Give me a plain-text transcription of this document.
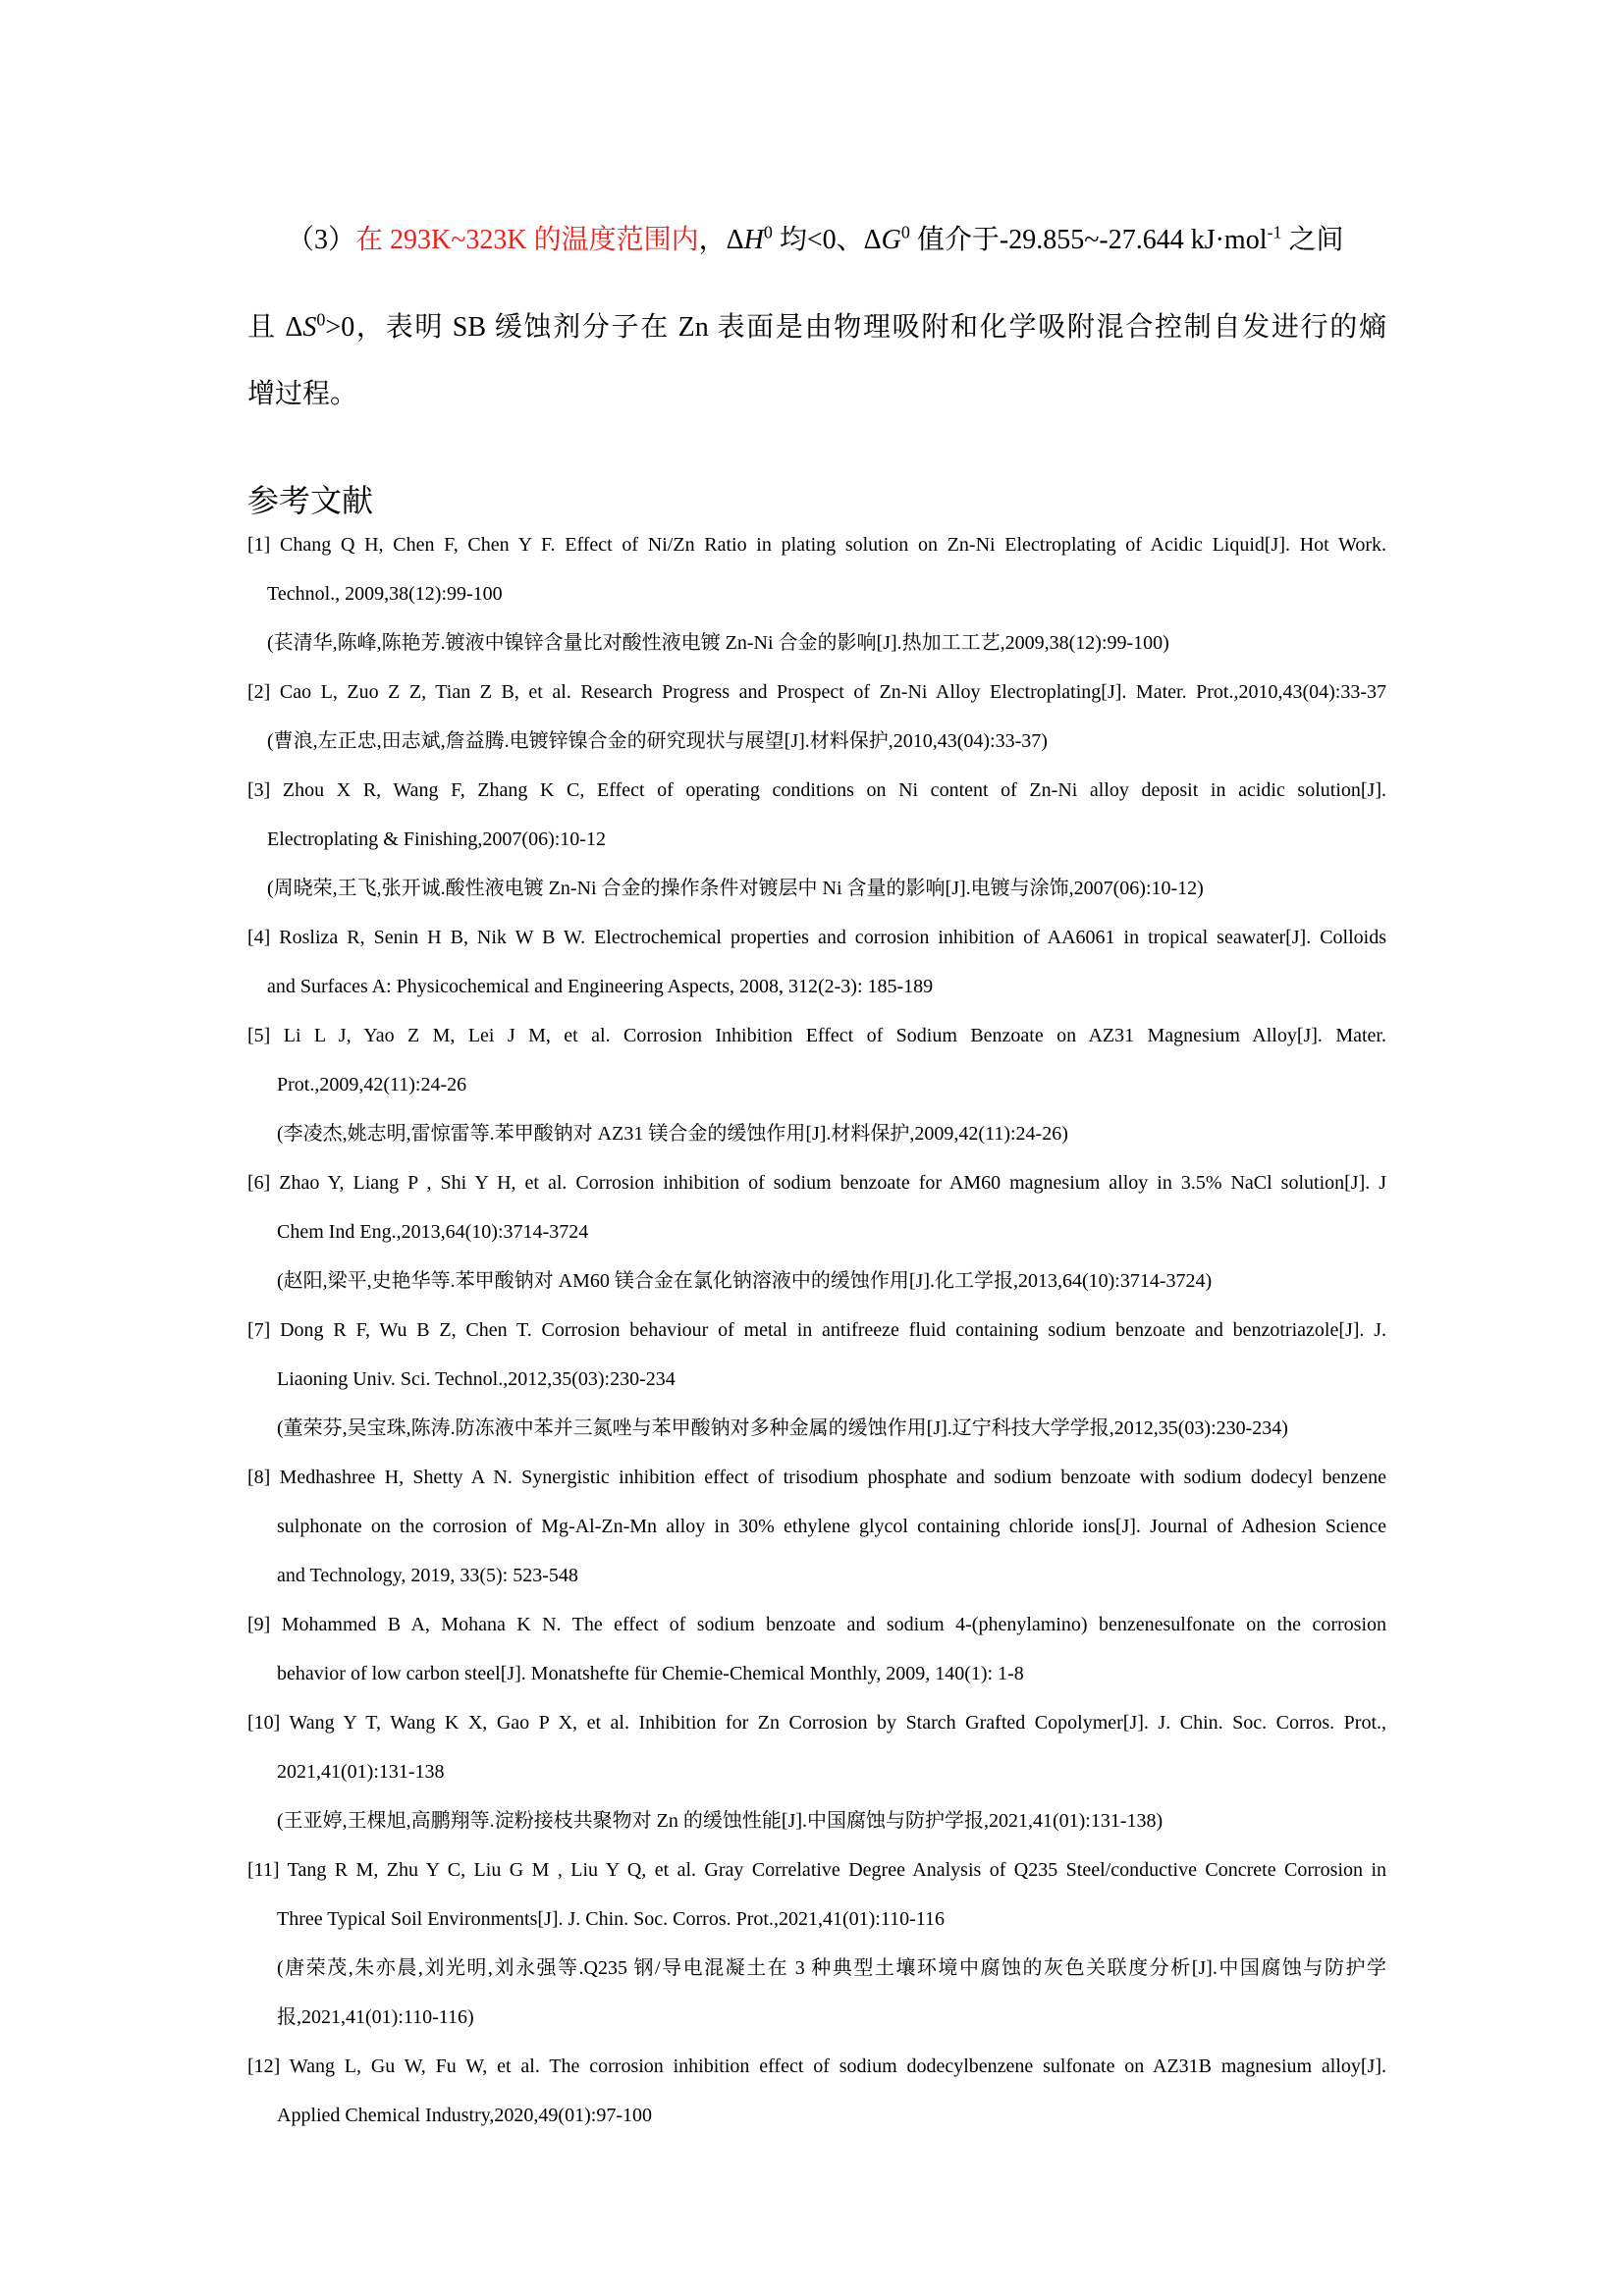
（3）在 293K~323K 的温度范围内，$\Delta H^0$ 均<0、$\Delta G^0$ 值介于-29.855~-27.644 kJ·mol$^{-1}$ 之间
且 $\Delta S^0>0$，表明 SB 缓蚀剂分子在 Zn 表面是由物理吸附和化学吸附混合控制自发进行的熵
增过程。
参考文献
[1] Chang Q H, Chen F, Chen Y F. Effect of Ni/Zn Ratio in plating solution on Zn-Ni Electroplating of Acidic Liquid[J]. Hot Work.
Technol., 2009,38(12):99-100
(苌清华,陈峰,陈艳芳.镀液中镍锌含量比对酸性液电镀 Zn-Ni 合金的影响[J].热加工工艺,2009,38(12):99-100)
[2] Cao L, Zuo Z Z, Tian Z B, et al. Research Progress and Prospect of Zn-Ni Alloy Electroplating[J]. Mater. Prot.,2010,43(04):33-37
(曹浪,左正忠,田志斌,詹益腾.电镀锌镍合金的研究现状与展望[J].材料保护,2010,43(04):33-37)
[3] Zhou X R, Wang F, Zhang K C, Effect of operating conditions on Ni content of Zn-Ni alloy deposit in acidic solution[J].
Electroplating & Finishing,2007(06):10-12
(周晓荣,王飞,张开诚.酸性液电镀 Zn-Ni 合金的操作条件对镀层中 Ni 含量的影响[J].电镀与涂饰,2007(06):10-12)
[4] Rosliza R, Senin H B, Nik W B W. Electrochemical properties and corrosion inhibition of AA6061 in tropical seawater[J]. Colloids
and Surfaces A: Physicochemical and Engineering Aspects, 2008, 312(2-3): 185-189
[5] Li L J, Yao Z M, Lei J M, et al. Corrosion Inhibition Effect of Sodium Benzoate on AZ31 Magnesium Alloy[J]. Mater.
Prot.,2009,42(11):24-26
(李凌杰,姚志明,雷惊雷等.苯甲酸钠对 AZ31 镁合金的缓蚀作用[J].材料保护,2009,42(11):24-26)
[6] Zhao Y, Liang P , Shi Y H, et al. Corrosion inhibition of sodium benzoate for AM60 magnesium alloy in 3.5% NaCl solution[J]. J
Chem Ind Eng.,2013,64(10):3714-3724
(赵阳,梁平,史艳华等.苯甲酸钠对 AM60 镁合金在氯化钠溶液中的缓蚀作用[J].化工学报,2013,64(10):3714-3724)
[7] Dong R F, Wu B Z, Chen T. Corrosion behaviour of metal in antifreeze fluid containing sodium benzoate and benzotriazole[J]. J.
Liaoning Univ. Sci. Technol.,2012,35(03):230-234
(董荣芬,吴宝珠,陈涛.防冻液中苯并三氮唑与苯甲酸钠对多种金属的缓蚀作用[J].辽宁科技大学学报,2012,35(03):230-234)
[8] Medhashree H, Shetty A N. Synergistic inhibition effect of trisodium phosphate and sodium benzoate with sodium dodecyl benzene
sulphonate on the corrosion of Mg-Al-Zn-Mn alloy in 30% ethylene glycol containing chloride ions[J]. Journal of Adhesion Science
and Technology, 2019, 33(5): 523-548
[9] Mohammed B A, Mohana K N. The effect of sodium benzoate and sodium 4-(phenylamino) benzenesulfonate on the corrosion
behavior of low carbon steel[J]. Monatshefte für Chemie-Chemical Monthly, 2009, 140(1): 1-8
[10] Wang Y T, Wang K X, Gao P X, et al. Inhibition for Zn Corrosion by Starch Grafted Copolymer[J]. J. Chin. Soc. Corros. Prot.,
2021,41(01):131-138
(王亚婷,王棵旭,高鹏翔等.淀粉接枝共聚物对 Zn 的缓蚀性能[J].中国腐蚀与防护学报,2021,41(01):131-138)
[11] Tang R M, Zhu Y C, Liu G M , Liu Y Q, et al. Gray Correlative Degree Analysis of Q235 Steel/conductive Concrete Corrosion in
Three Typical Soil Environments[J]. J. Chin. Soc. Corros. Prot.,2021,41(01):110-116
(唐荣茂,朱亦晨,刘光明,刘永强等.Q235 钢/导电混凝土在 3 种典型土壤环境中腐蚀的灰色关联度分析[J].中国腐蚀与防护学
报,2021,41(01):110-116)
[12] Wang L, Gu W, Fu W, et al. The corrosion inhibition effect of sodium dodecylbenzene sulfonate on AZ31B magnesium alloy[J].
Applied Chemical Industry,2020,49(01):97-100
